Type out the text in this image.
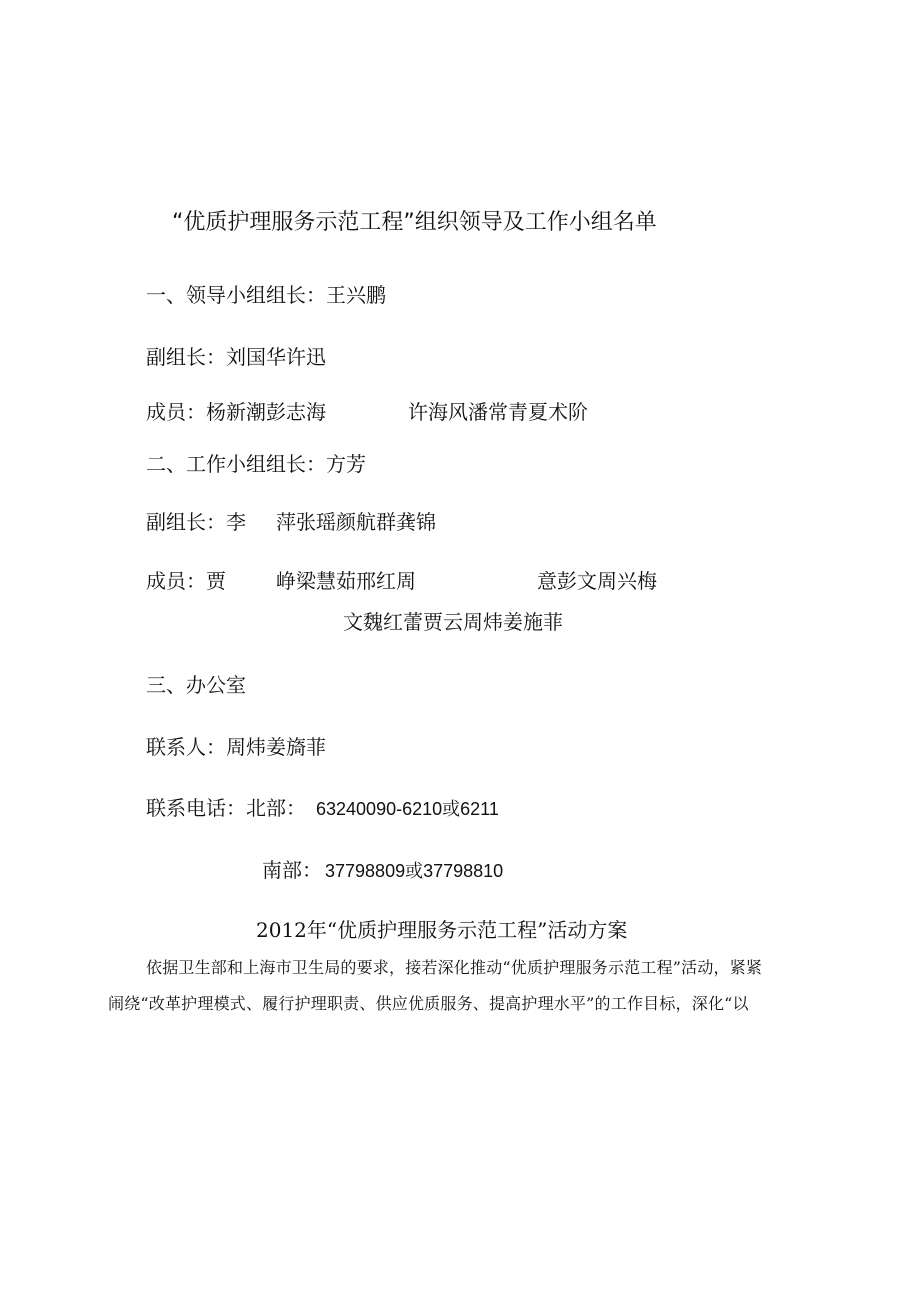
“优质护理服务示范工程”组织领导及工作小组名单
一、领导小组组长：王兴鹏
副组长：刘国华许迅
成员：杨新潮彭志海	许海风潘常青夏术阶
二、工作小组组长：方芳
副组长：李 萍张瑶颜航群龚锦
成员：贾	峥梁慧茹邢红周	意彭文周兴梅
文魏红蕾贾云周炜姜施菲
三、办公室
联系人：周炜姜旖菲
联系电话：北部： 63240090-6210或6211
南部： 37798809或37798810
2012年“优质护理服务示范工程”活动方案
依据卫生部和上海市卫生局的要求，接若深化推动“优质护理服务示范工程”活动，紧紧
闹绕“改革护理模式、履行护理职责、供应优质服务、提高护理水平”的工作目标，深化“以
